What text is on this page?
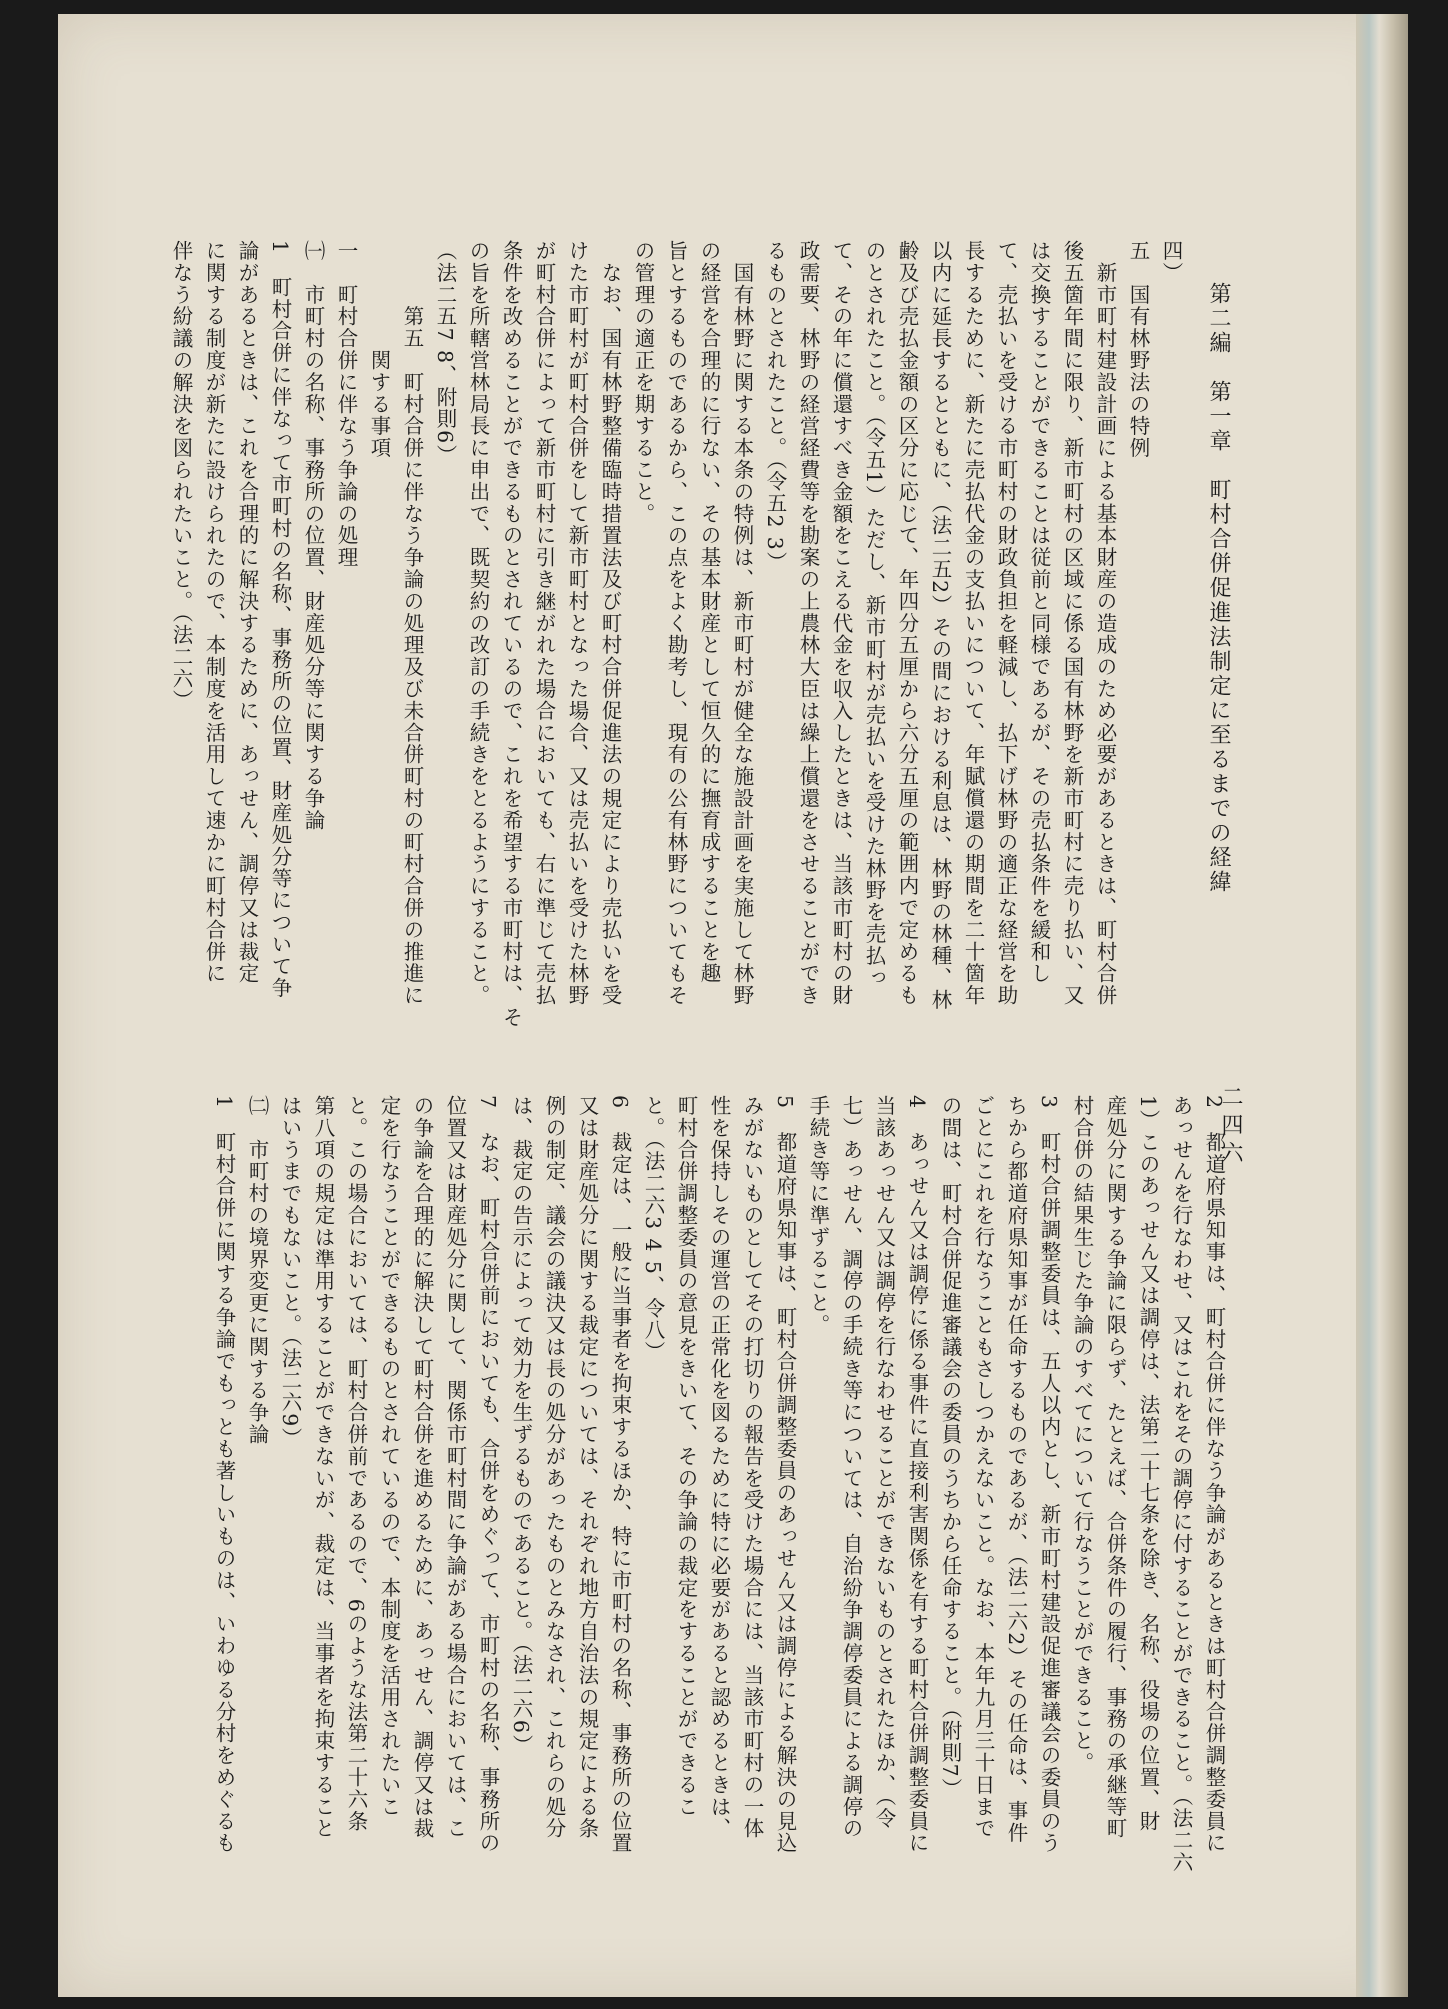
第二編　第一章　町村合併促進法制定に至るまでの経緯
二四六
四）
五　国有林野法の特例
　新市町村建設計画による基本財産の造成のため必要があるときは、町村合併
後五箇年間に限り、新市町村の区域に係る国有林野を新市町村に売り払い、又
は交換することができることは従前と同様であるが、その売払条件を緩和し
て、売払いを受ける市町村の財政負担を軽減し、払下げ林野の適正な経営を助
長するために、新たに売払代金の支払いについて、年賦償還の期間を二十箇年
以内に延長するとともに、（法二五2）その間における利息は、林野の林種、林
齢及び売払金額の区分に応じて、年四分五厘から六分五厘の範囲内で定めるも
のとされたこと。（令五1）ただし、新市町村が売払いを受けた林野を売払っ
て、その年に償還すべき金額をこえる代金を収入したときは、当該市町村の財
政需要、林野の経営経費等を勘案の上農林大臣は繰上償還をさせることができ
るものとされたこと。（令五2 3）
　国有林野に関する本条の特例は、新市町村が健全な施設計画を実施して林野
の経営を合理的に行ない、その基本財産として恒久的に撫育成することを趣
旨とするものであるから、この点をよく勘考し、現有の公有林野についてもそ
の管理の適正を期すること。
　なお、国有林野整備臨時措置法及び町村合併促進法の規定により売払いを受
けた市町村が町村合併をして新市町村となった場合、又は売払いを受けた林野
が町村合併によって新市町村に引き継がれた場合においても、右に準じて売払
条件を改めることができるものとされているので、これを希望する市町村は、そ
の旨を所轄営林局長に申出で、既契約の改訂の手続きをとるようにすること。
（法二五7 8、附則6）
　　　第五　町村合併に伴なう争論の処理及び未合併町村の町村合併の推進に
　　　　　関する事項
一　町村合併に伴なう争論の処理
㈠　市町村の名称、事務所の位置、財産処分等に関する争論
1　町村合併に伴なって市町村の名称、事務所の位置、財産処分等について争
論があるときは、これを合理的に解決するために、あっせん、調停又は裁定
に関する制度が新たに設けられたので、本制度を活用して速かに町村合併に
伴なう紛議の解決を図られたいこと。（法二六）
2　都道府県知事は、町村合併に伴なう争論があるときは町村合併調整委員に
あっせんを行なわせ、又はこれをその調停に付することができること。（法二六
1）このあっせん又は調停は、法第二十七条を除き、名称、役場の位置、財
産処分に関する争論に限らず、たとえば、合併条件の履行、事務の承継等町
村合併の結果生じた争論のすべてについて行なうことができること。
3　町村合併調整委員は、五人以内とし、新市町村建設促進審議会の委員のう
ちから都道府県知事が任命するものであるが、（法二六2）その任命は、事件
ごとにこれを行なうこともさしつかえないこと。なお、本年九月三十日まで
の間は、町村合併促進審議会の委員のうちから任命すること。（附則7）
4　あっせん又は調停に係る事件に直接利害関係を有する町村合併調整委員に
当該あっせん又は調停を行なわせることができないものとされたほか、（令
七）あっせん、調停の手続き等については、自治紛争調停委員による調停の
手続き等に準ずること。
5　都道府県知事は、町村合併調整委員のあっせん又は調停による解決の見込
みがないものとしてその打切りの報告を受けた場合には、当該市町村の一体
性を保持しその運営の正常化を図るために特に必要があると認めるときは、
町村合併調整委員の意見をきいて、その争論の裁定をすることができるこ
と。（法二六3 4 5、令八）
6　裁定は、一般に当事者を拘束するほか、特に市町村の名称、事務所の位置
又は財産処分に関する裁定については、それぞれ地方自治法の規定による条
例の制定、議会の議決又は長の処分があったものとみなされ、これらの処分
は、裁定の告示によって効力を生ずるものであること。（法二六6）
7　なお、町村合併前においても、合併をめぐって、市町村の名称、事務所の
位置又は財産処分に関して、関係市町村間に争論がある場合においては、こ
の争論を合理的に解決して町村合併を進めるために、あっせん、調停又は裁
定を行なうことができるものとされているので、本制度を活用されたいこ
と。この場合においては、町村合併前であるので、6のような法第二十六条
第八項の規定は準用することができないが、裁定は、当事者を拘束すること
はいうまでもないこと。（法二六9）
㈡　市町村の境界変更に関する争論
1　町村合併に関する争論でもっとも著しいものは、いわゆる分村をめぐるも
